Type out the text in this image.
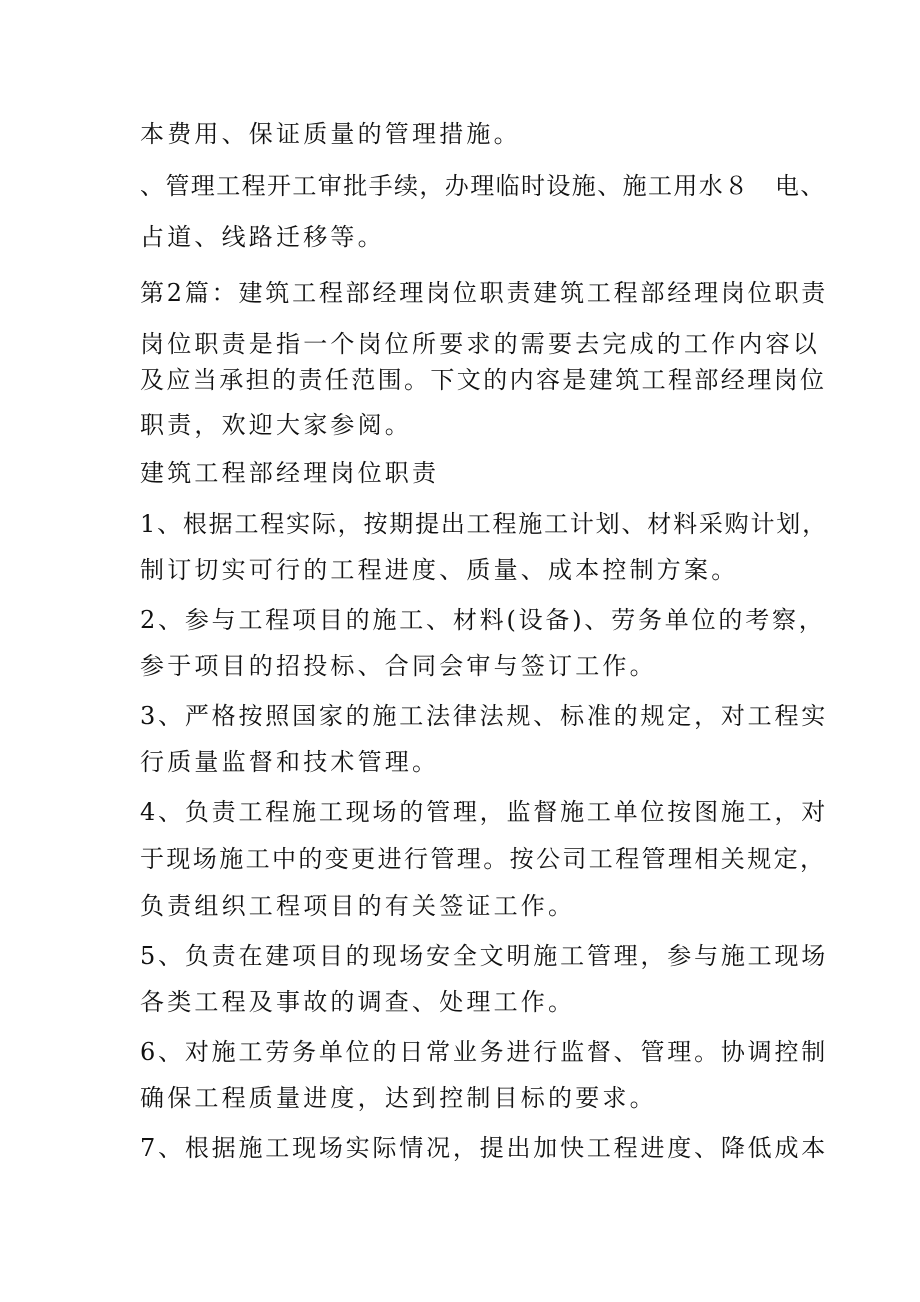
本费用、保证质量的管理措施。
、管理工程开工审批手续，办理临时设施、施工用水８　电、
占道、线路迁移等。
第2篇：建筑工程部经理岗位职责建筑工程部经理岗位职责
岗位职责是指一个岗位所要求的需要去完成的工作内容以
及应当承担的责任范围。下文的内容是建筑工程部经理岗位
职责，欢迎大家参阅。
建筑工程部经理岗位职责
1、根据工程实际，按期提出工程施工计划、材料采购计划，
制订切实可行的工程进度、质量、成本控制方案。
2、参与工程项目的施工、材料(设备)、劳务单位的考察，
参于项目的招投标、合同会审与签订工作。
3、严格按照国家的施工法律法规、标准的规定，对工程实
行质量监督和技术管理。
4、负责工程施工现场的管理，监督施工单位按图施工，对
于现场施工中的变更进行管理。按公司工程管理相关规定，
负责组织工程项目的有关签证工作。
5、负责在建项目的现场安全文明施工管理，参与施工现场
各类工程及事故的调查、处理工作。
6、对施工劳务单位的日常业务进行监督、管理。协调控制
确保工程质量进度，达到控制目标的要求。
7、根据施工现场实际情况，提出加快工程进度、降低成本
